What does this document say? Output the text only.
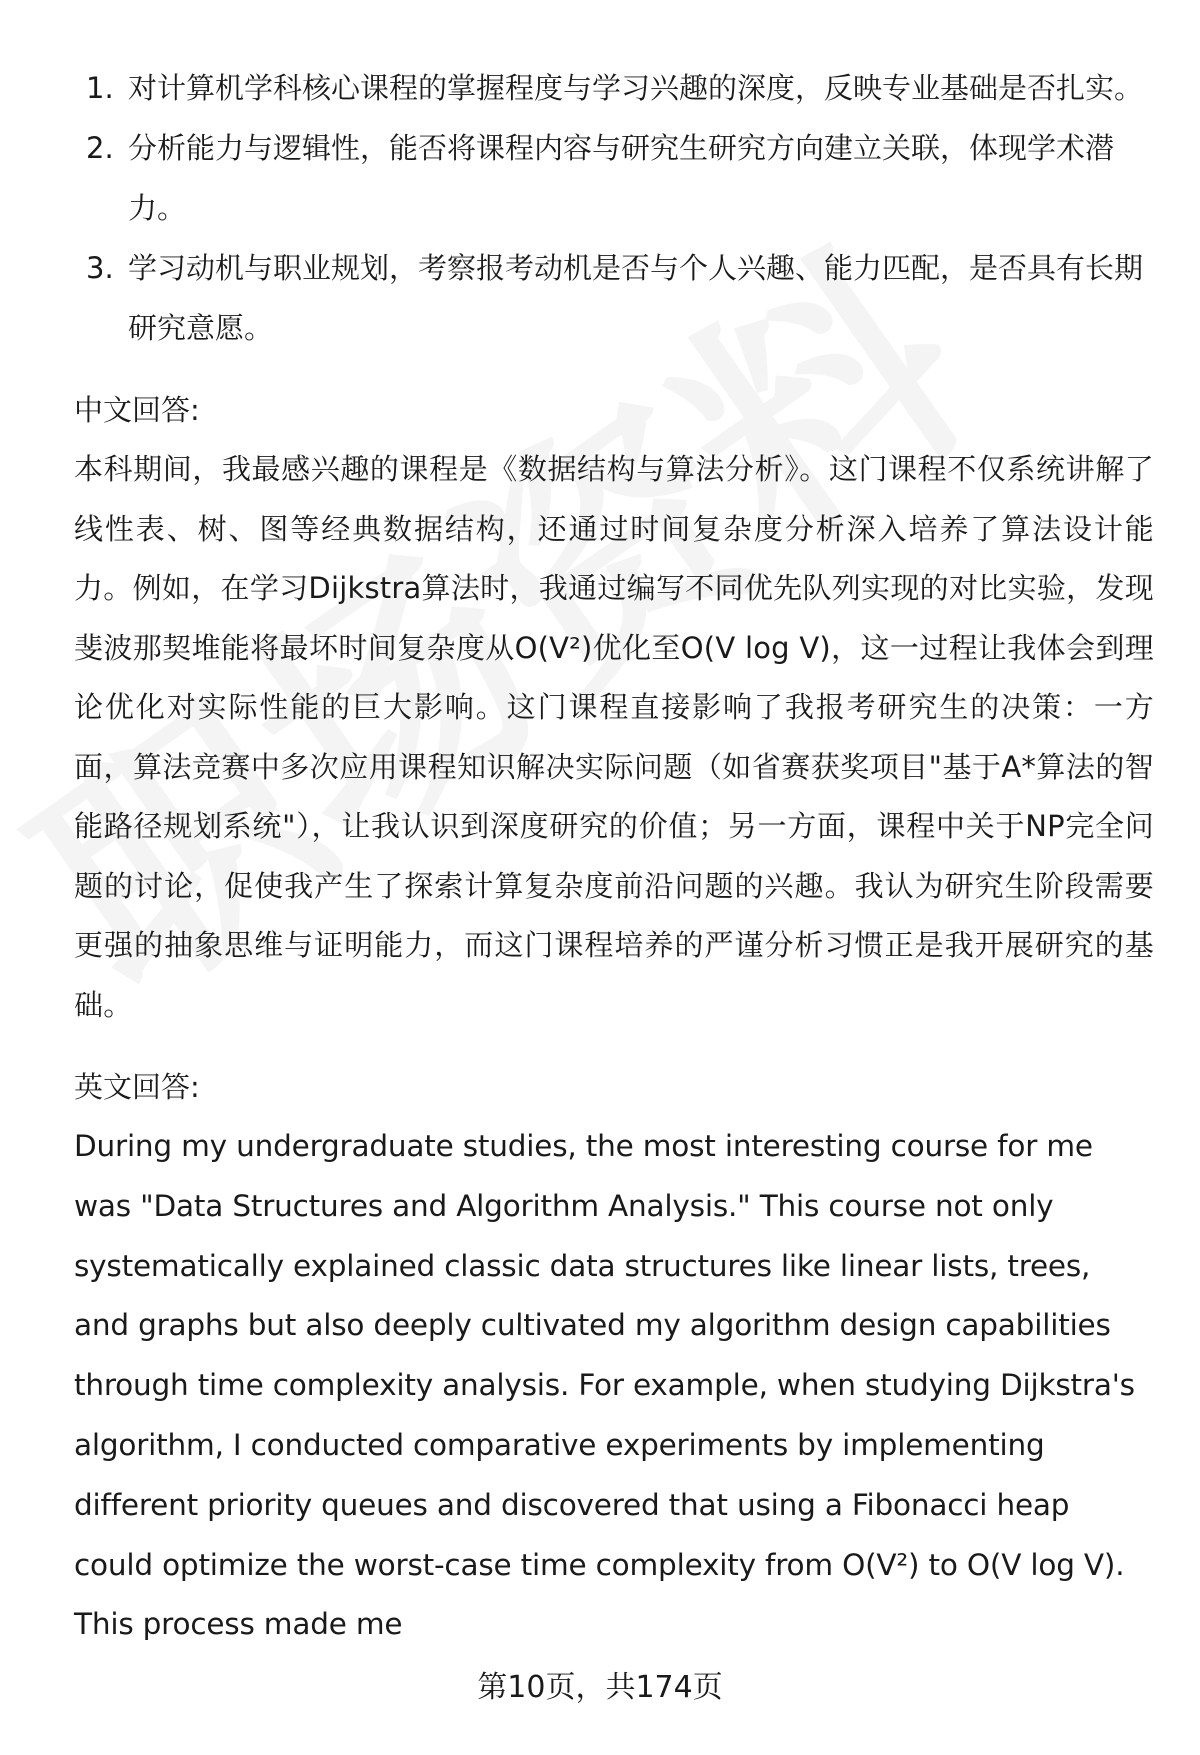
1. 对计算机学科核心课程的掌握程度与学习兴趣的深度，反映专业基础是否扎实。
2. 分析能力与逻辑性，能否将课程内容与研究生研究方向建立关联，体现学术潜力。
3. 学习动机与职业规划，考察报考动机是否与个人兴趣、能力匹配，是否具有长期研究意愿。
中文回答:
本科期间，我最感兴趣的课程是《数据结构与算法分析》。这门课程不仅系统讲解了线性表、树、图等经典数据结构，还通过时间复杂度分析深入培养了算法设计能力。例如，在学习Dijkstra算法时，我通过编写不同优先队列实现的对比实验，发现斐波那契堆能将最坏时间复杂度从O(V²)优化至O(V log V)，这一过程让我体会到理论优化对实际性能的巨大影响。这门课程直接影响了我报考研究生的决策：一方面，算法竞赛中多次应用课程知识解决实际问题（如省赛获奖项目"基于A*算法的智能路径规划系统"），让我认识到深度研究的价值；另一方面，课程中关于NP完全问题的讨论，促使我产生了探索计算复杂度前沿问题的兴趣。我认为研究生阶段需要更强的抽象思维与证明能力，而这门课程培养的严谨分析习惯正是我开展研究的基础。
英文回答:
During my undergraduate studies, the most interesting course for me was "Data Structures and Algorithm Analysis." This course not only systematically explained classic data structures like linear lists, trees, and graphs but also deeply cultivated my algorithm design capabilities through time complexity analysis. For example, when studying Dijkstra's algorithm, I conducted comparative experiments by implementing different priority queues and discovered that using a Fibonacci heap could optimize the worst-case time complexity from O(V²) to O(V log V). This process made me
第10页，共174页
